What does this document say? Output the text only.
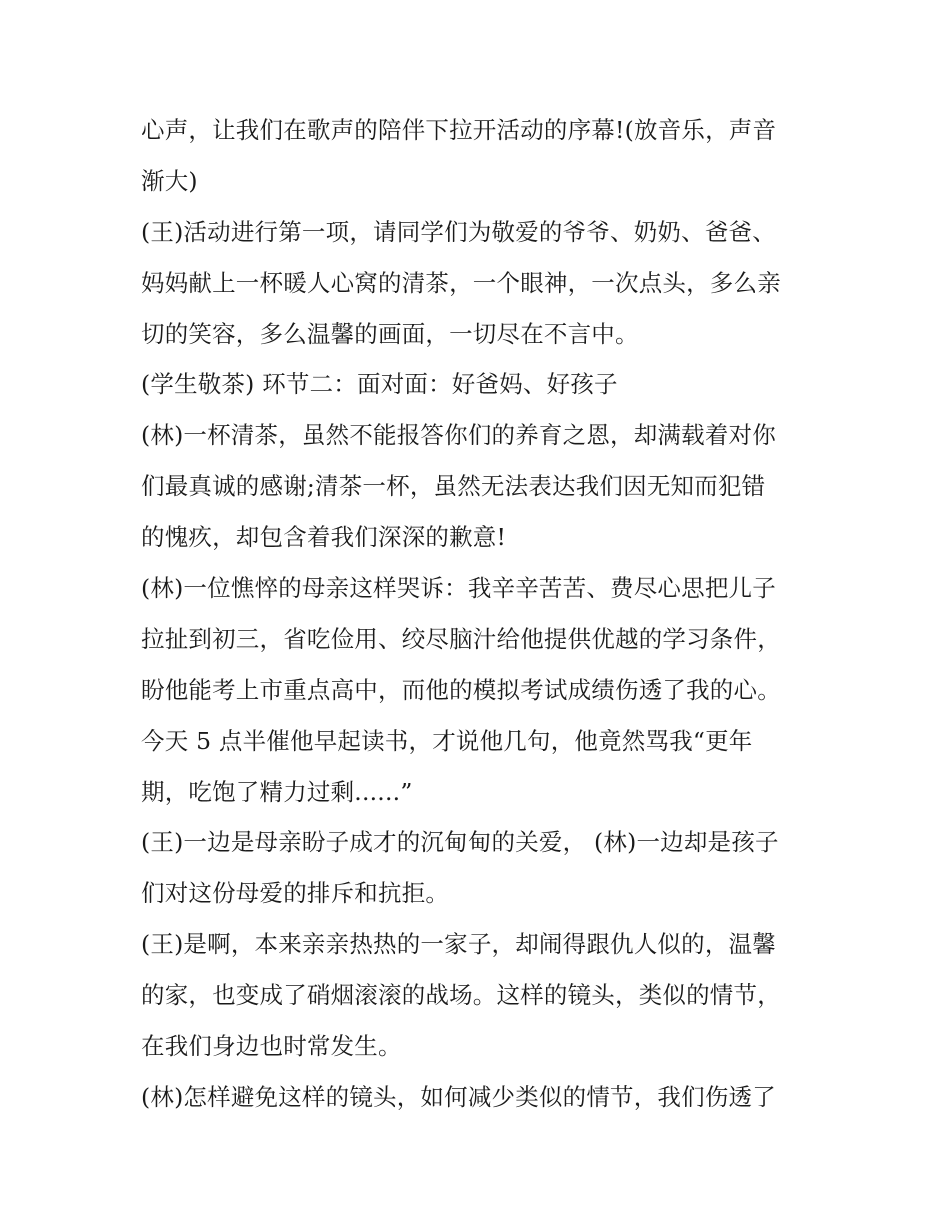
心声，让我们在歌声的陪伴下拉开活动的序幕!(放音乐，声音
渐大)
(王)活动进行第一项，请同学们为敬爱的爷爷、奶奶、爸爸、
妈妈献上一杯暖人心窝的清茶，一个眼神，一次点头，多么亲
切的笑容，多么温馨的画面，一切尽在不言中。
(学生敬茶) 环节二：面对面：好爸妈、好孩子
(林)一杯清茶，虽然不能报答你们的养育之恩，却满载着对你
们最真诚的感谢;清茶一杯，虽然无法表达我们因无知而犯错
的愧疚，却包含着我们深深的歉意!
(林)一位憔悴的母亲这样哭诉：我辛辛苦苦、费尽心思把儿子
拉扯到初三，省吃俭用、绞尽脑汁给他提供优越的学习条件，
盼他能考上市重点高中，而他的模拟考试成绩伤透了我的心。
今天 5 点半催他早起读书，才说他几句，他竟然骂我“更年
期，吃饱了精力过剩......”
(王)一边是母亲盼子成才的沉甸甸的关爱， (林)一边却是孩子
们对这份母爱的排斥和抗拒。
(王)是啊，本来亲亲热热的一家子，却闹得跟仇人似的，温馨
的家，也变成了硝烟滚滚的战场。这样的镜头，类似的情节，
在我们身边也时常发生。
(林)怎样避免这样的镜头，如何减少类似的情节，我们伤透了
